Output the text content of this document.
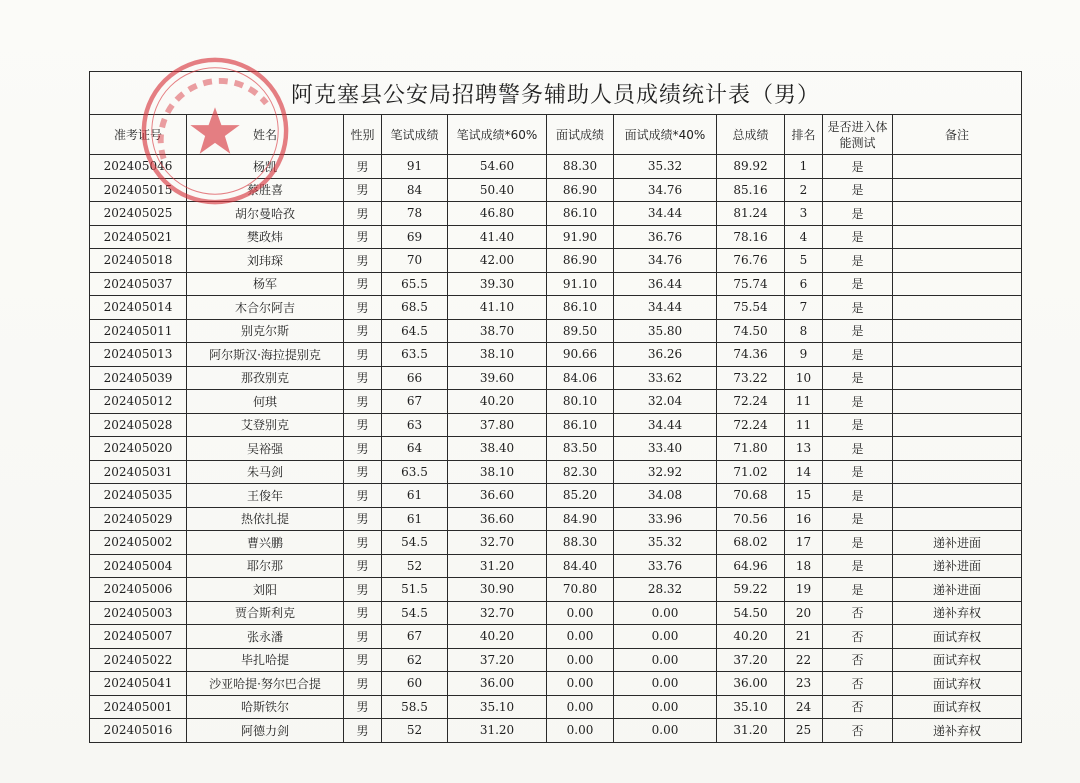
阿克塞县公安局招聘警务辅助人员成绩统计表（男）										
准考证号	姓名	性别	笔试成绩	笔试成绩*60%	面试成绩	面试成绩*40%	总成绩	排名	是否进入体能测试	备注
202405046	杨凯	男	91	54.60	88.30	35.32	89.92	1	是	
202405015	蔡胜喜	男	84	50.40	86.90	34.76	85.16	2	是	
202405025	胡尔曼哈孜	男	78	46.80	86.10	34.44	81.24	3	是	
202405021	樊政炜	男	69	41.40	91.90	36.76	78.16	4	是	
202405018	刘玮琛	男	70	42.00	86.90	34.76	76.76	5	是	
202405037	杨军	男	65.5	39.30	91.10	36.44	75.74	6	是	
202405014	木合尔阿吉	男	68.5	41.10	86.10	34.44	75.54	7	是	
202405011	别克尔斯	男	64.5	38.70	89.50	35.80	74.50	8	是	
202405013	阿尔斯汉·海拉提别克	男	63.5	38.10	90.66	36.26	74.36	9	是	
202405039	那孜别克	男	66	39.60	84.06	33.62	73.22	10	是	
202405012	何琪	男	67	40.20	80.10	32.04	72.24	11	是	
202405028	艾登别克	男	63	37.80	86.10	34.44	72.24	11	是	
202405020	吴裕强	男	64	38.40	83.50	33.40	71.80	13	是	
202405031	朱马剑	男	63.5	38.10	82.30	32.92	71.02	14	是	
202405035	王俊年	男	61	36.60	85.20	34.08	70.68	15	是	
202405029	热依扎提	男	61	36.60	84.90	33.96	70.56	16	是	
202405002	曹兴鹏	男	54.5	32.70	88.30	35.32	68.02	17	是	递补进面
202405004	耶尔那	男	52	31.20	84.40	33.76	64.96	18	是	递补进面
202405006	刘阳	男	51.5	30.90	70.80	28.32	59.22	19	是	递补进面
202405003	贾合斯利克	男	54.5	32.70	0.00	0.00	54.50	20	否	递补弃权
202405007	张永潘	男	67	40.20	0.00	0.00	40.20	21	否	面试弃权
202405022	毕扎哈提	男	62	37.20	0.00	0.00	37.20	22	否	面试弃权
202405041	沙亚哈提·努尔巴合提	男	60	36.00	0.00	0.00	36.00	23	否	面试弃权
202405001	哈斯铁尔	男	58.5	35.10	0.00	0.00	35.10	24	否	面试弃权
202405016	阿德力剑	男	52	31.20	0.00	0.00	31.20	25	否	递补弃权
